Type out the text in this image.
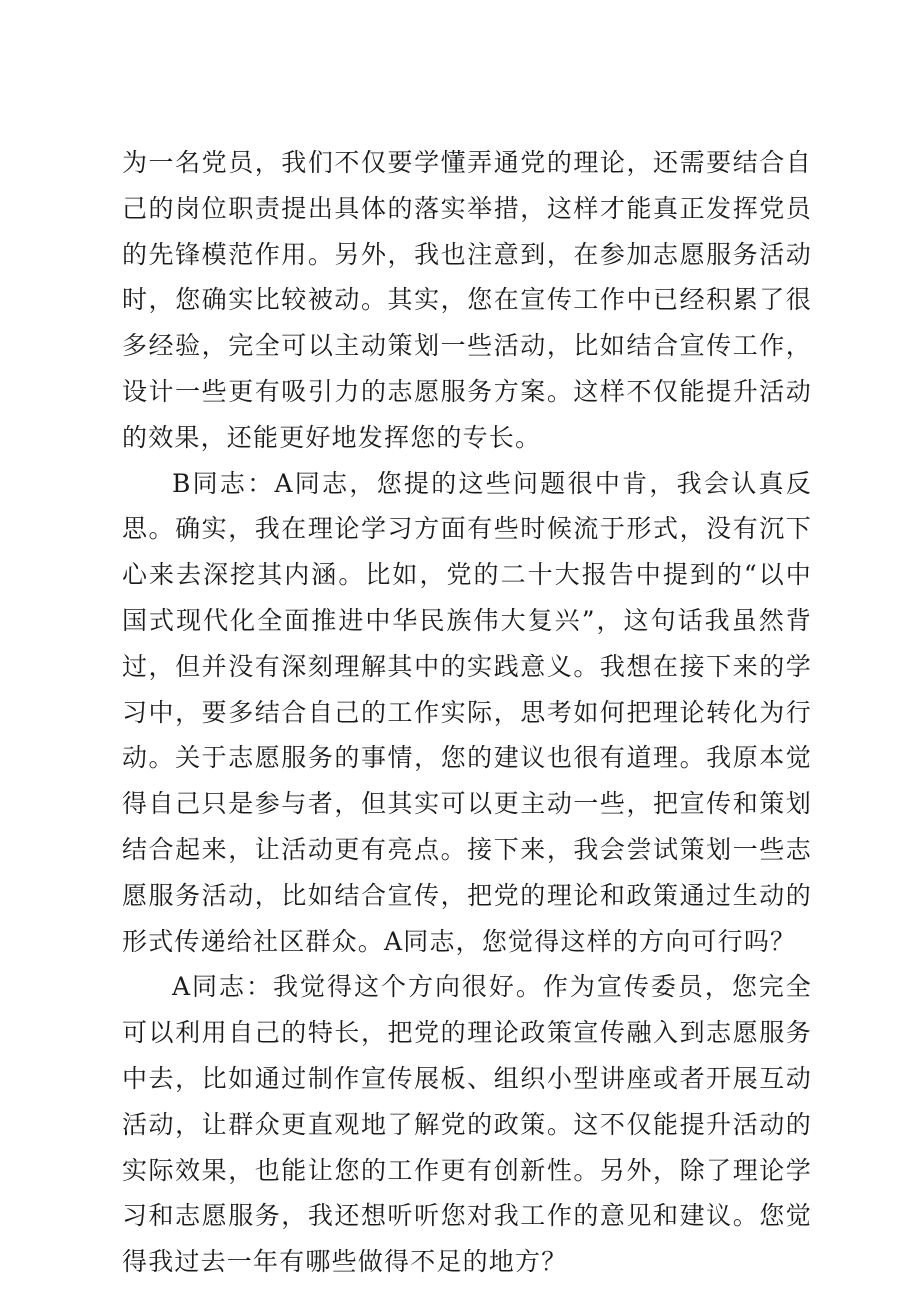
为一名党员，我们不仅要学懂弄通党的理论，还需要结合自己的岗位职责提出具体的落实举措，这样才能真正发挥党员的先锋模范作用。另外，我也注意到，在参加志愿服务活动时，您确实比较被动。其实，您在宣传工作中已经积累了很多经验，完全可以主动策划一些活动，比如结合宣传工作，设计一些更有吸引力的志愿服务方案。这样不仅能提升活动的效果，还能更好地发挥您的专长。

B同志：A同志，您提的这些问题很中肯，我会认真反思。确实，我在理论学习方面有些时候流于形式，没有沉下心来去深挖其内涵。比如，党的二十大报告中提到的“以中国式现代化全面推进中华民族伟大复兴”，这句话我虽然背过，但并没有深刻理解其中的实践意义。我想在接下来的学习中，要多结合自己的工作实际，思考如何把理论转化为行动。关于志愿服务的事情，您的建议也很有道理。我原本觉得自己只是参与者，但其实可以更主动一些，把宣传和策划结合起来，让活动更有亮点。接下来，我会尝试策划一些志愿服务活动，比如结合宣传，把党的理论和政策通过生动的形式传递给社区群众。A同志，您觉得这样的方向可行吗？

A同志：我觉得这个方向很好。作为宣传委员，您完全可以利用自己的特长，把党的理论政策宣传融入到志愿服务中去，比如通过制作宣传展板、组织小型讲座或者开展互动活动，让群众更直观地了解党的政策。这不仅能提升活动的实际效果，也能让您的工作更有创新性。另外，除了理论学习和志愿服务，我还想听听您对我工作的意见和建议。您觉得我过去一年有哪些做得不足的地方？
